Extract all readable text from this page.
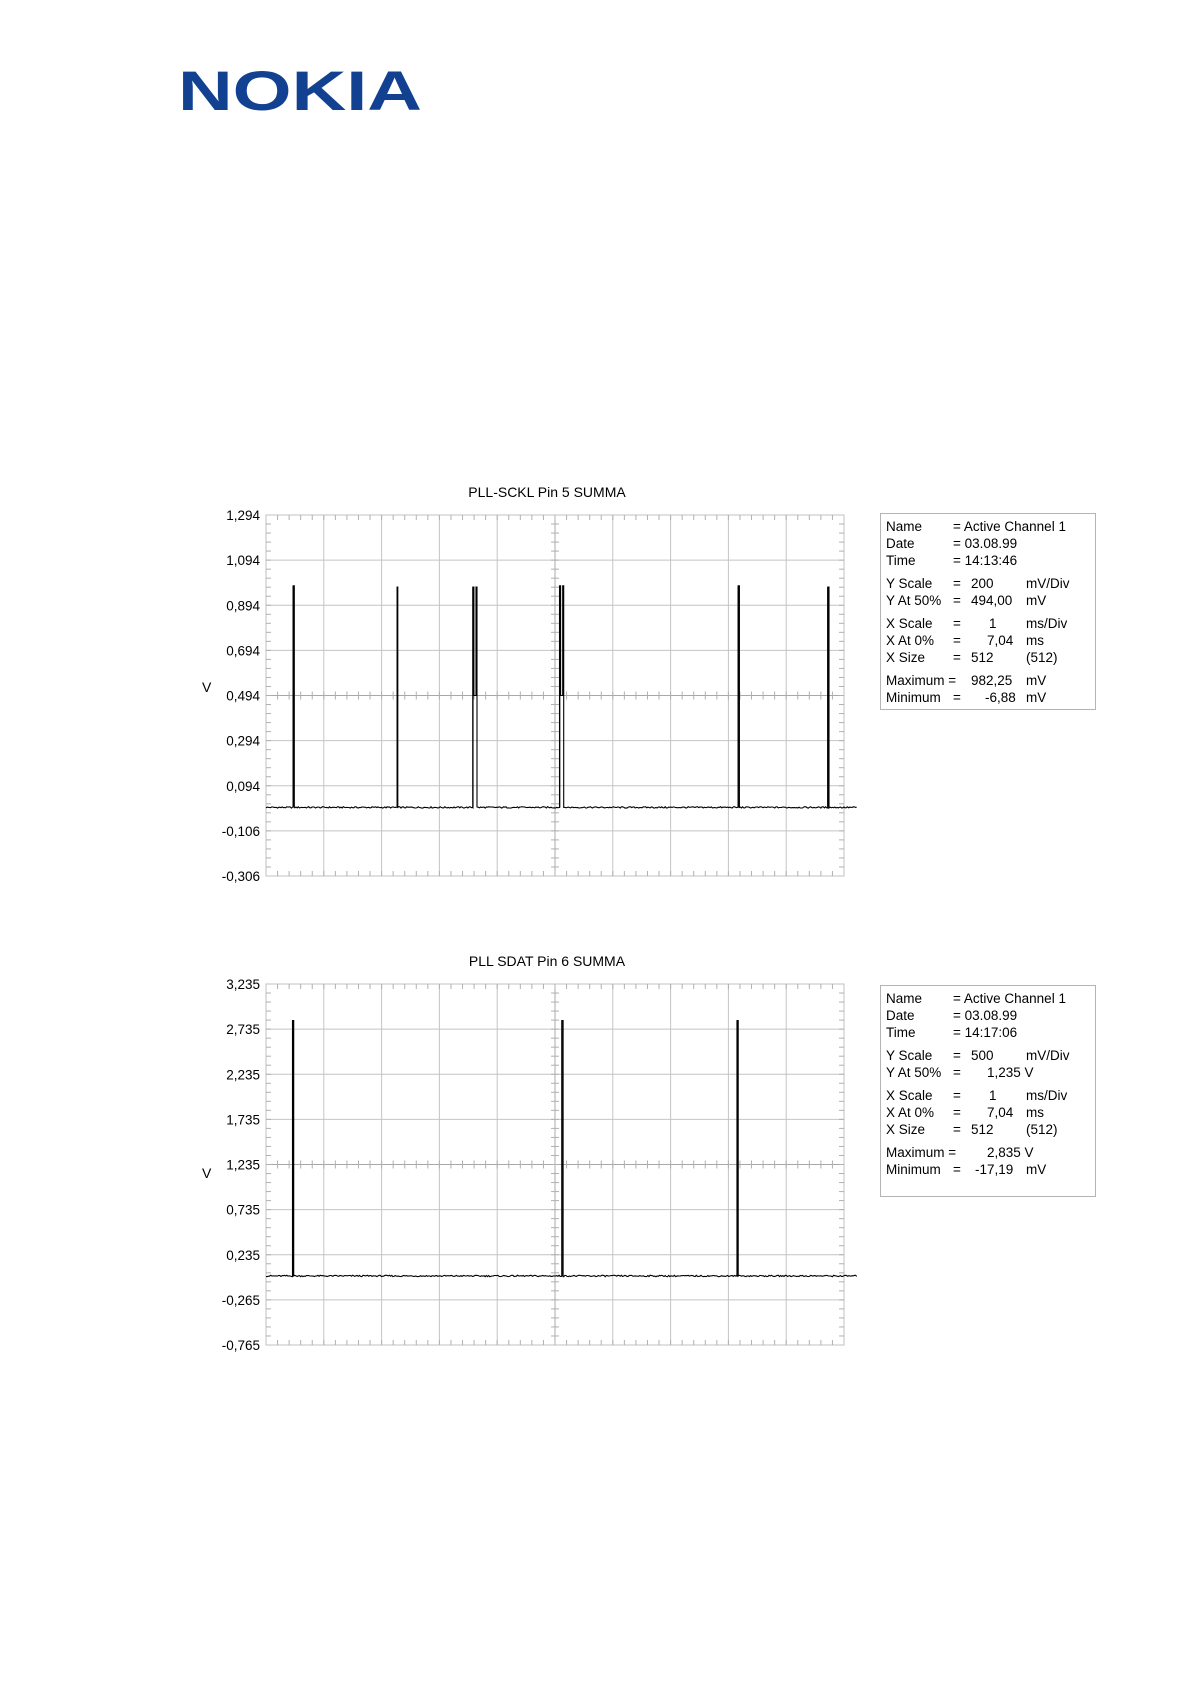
NOKIA
PLL-SCKL Pin 5 SUMMA
V
1,294
1,094
0,894
0,694
0,494
0,294
0,094
-0,106
-0,306
Name = Active Channel 1
Date	= 03.08.99
Time	= 14:13:46
Y Scale = 200 mV/Div
Y At 50% = 494,00 mV
X Scale = 1 ms/Div
X At 0% = 7,04 ms
X Size = 512 (512)
Maximum = 982,25 mV
Minimum = -6,88 mV
PLL SDAT Pin 6 SUMMA
V
3,235
2,735
2,235
1,735
1,235
0,735
0,235
-0,265
-0,765
Name = Active Channel 1
Date	= 03.08.99
Time	= 14:17:06
Y Scale = 500 mV/Div
Y At 50% = 1,235 V
X Scale = 1 ms/Div
X At 0% = 7,04 ms
X Size = 512 (512)
Maximum = 2,835 V
Minimum = -17,19 mV
